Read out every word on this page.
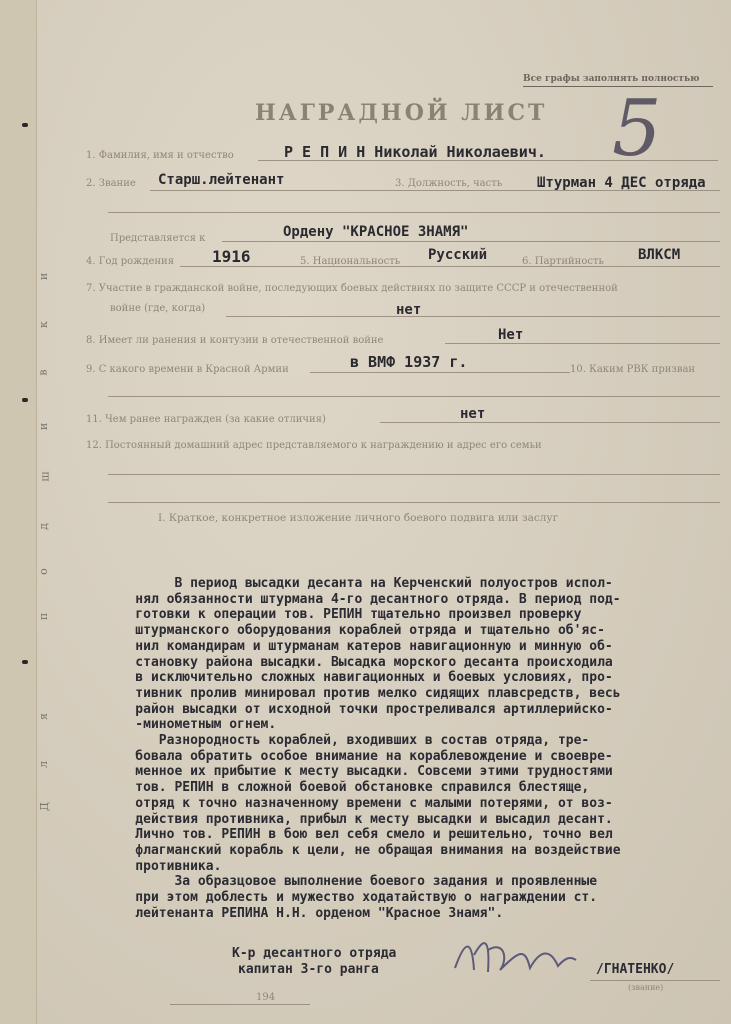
и
к
в
и
ш
д
о
п
я
л
Д
Все графы заполнять полностью
НАГРАДНОЙ ЛИСТ 5
1. Фамилия, имя и отчество	Р Е П И Н Николай Николаевич.
2. Звание Старш.лейтенант	3. Должность, часть Штурман 4 ДЕС отряда
Представляется к	Ордену "КРАСНОЕ ЗНАМЯ"
4. Год рождения 1916	5. Национальность Русский	6. Партийность ВЛКСМ
7. Участие в гражданской войне, последующих боевых действиях по защите СССР и отечественной
войне (где, когда)	нет
8. Имеет ли ранения и контузии в отечественной войне	Нет
9. С какого времени в Красной Армии	в ВМФ 1937 г.	10. Каким РВК призван
11. Чем ранее награжден (за какие отличия)	нет
12. Постоянный домашний адрес представляемого к награждению и адрес его семьи
I. Краткое, конкретное изложение личного боевого подвига или заслуг

В период высадки десанта на Керченский полуостров испол-

нял обязанности штурмана 4-го десантного отряда. В период под-

готовки к операции тов. РЕПИН тщательно произвел проверку

штурманского оборудования кораблей отряда и тщательно об'яс-

нил командирам и штурманам катеров навигационную и минную об-

становку района высадки. Высадка морского десанта происходила

в исключительно сложных навигационных и боевых условиях, про-

тивник пролив минировал против мелко сидящих плавсредств, весь

район высадки от исходной точки простреливался артиллерийско-

-минометным огнем.

Разнородность кораблей, входивших в состав отряда, тре-

бовала обратить особое внимание на кораблевождение и своевре-

менное их прибытие к месту высадки. Совсеми этими трудностями

тов. РЕПИН в сложной боевой обстановке справился блестяще,

отряд к точно назначенному времени с малыми потерями, от воз-

действия противника, прибыл к месту высадки и высадил десант.

Лично тов. РЕПИН в бою вел себя смело и решительно, точно вел

флагманский корабль к цели, не обращая внимания на воздействие

противника.

За образцовое выполнение боевого задания и проявленные

при этом доблесть и мужество ходатайствую о награждении ст.

лейтенанта РЕПИНА Н.Н. орденом "Красное Знамя".

К-р десантного отряда
капитан 3-го ранга	/ГНАТЕНКО/
(звание)
194
